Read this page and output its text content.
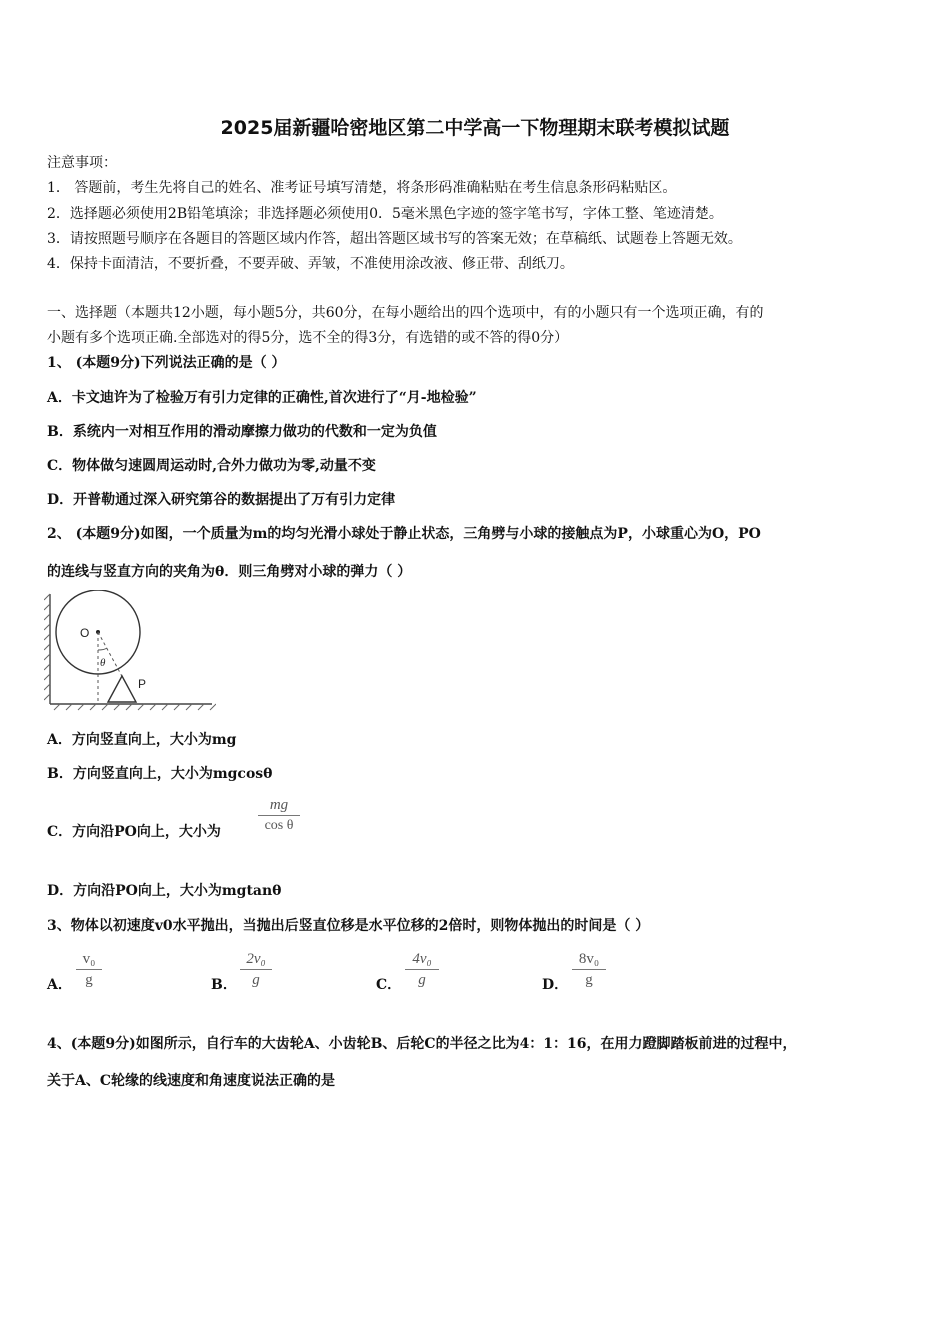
2025届新疆哈密地区第二中学高一下物理期末联考模拟试题
注意事项：
1． 答题前，考生先将自己的姓名、准考证号填写清楚，将条形码准确粘贴在考生信息条形码粘贴区。
2．选择题必须使用2B铅笔填涂；非选择题必须使用0．5毫米黑色字迹的签字笔书写，字体工整、笔迹清楚。
3．请按照题号顺序在各题目的答题区域内作答，超出答题区域书写的答案无效；在草稿纸、试题卷上答题无效。
4．保持卡面清洁，不要折叠，不要弄破、弄皱，不准使用涂改液、修正带、刮纸刀。
一、选择题（本题共12小题，每小题5分，共60分，在每小题给出的四个选项中，有的小题只有一个选项正确，有的
小题有多个选项正确.全部选对的得5分，选不全的得3分，有选错的或不答的得0分）
1、 (本题9分)下列说法正确的是（ ）
A．卡文迪许为了检验万有引力定律的正确性,首次进行了“月-地检验”
B．系统内一对相互作用的滑动摩擦力做功的代数和一定为负值
C．物体做匀速圆周运动时,合外力做功为零,动量不变
D．开普勒通过深入研究第谷的数据提出了万有引力定律
2、 (本题9分)如图，一个质量为m的均匀光滑小球处于静止状态，三角劈与小球的接触点为P，小球重心为O，PO
的连线与竖直方向的夹角为θ．则三角劈对小球的弹力（ ）
O
θ
P
A．方向竖直向上，大小为mg
B．方向竖直向上，大小为mgcosθ
C．方向沿PO向上，大小为
mg
cos θ
D．方向沿PO向上，大小为mgtanθ
3、物体以初速度v0水平抛出，当抛出后竖直位移是水平位移的2倍时，则物体抛出的时间是（ ）
A．
v₀
g	B．
2v₀
g	C．
4v₀
g	D．
8v₀
g
4、(本题9分)如图所示，自行车的大齿轮A、小齿轮B、后轮C的半径之比为4：1：16，在用力蹬脚踏板前进的过程中，
关于A、C轮缘的线速度和角速度说法正确的是
